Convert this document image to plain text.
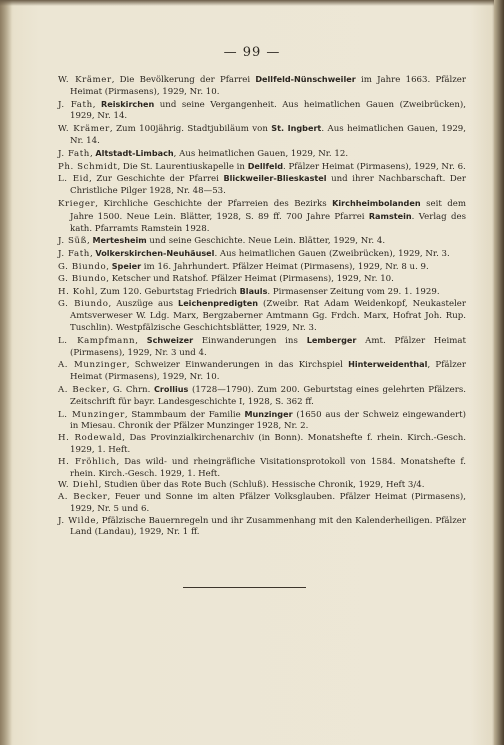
— 99 —

W. Krämer, Die Bevölkerung der Pfarrei Dellfeld-Nünschweiler im Jahre 1663. Pfälzer Heimat (Pirmasens), 1929, Nr. 10.

J. Fath, Reiskirchen und seine Vergangenheit. Aus heimatlichen Gauen (Zweibrücken), 1929, Nr. 14.

W. Krämer, Zum 100jährig. Stadtjubiläum von St. Ingbert. Aus heimatlichen Gauen, 1929, Nr. 14.

J. Fath, Altstadt-Limbach, Aus heimatlichen Gauen, 1929, Nr. 12.

Ph. Schmidt, Die St. Laurentiuskapelle in Dellfeld. Pfälzer Heimat (Pirmasens), 1929, Nr. 6.

L. Eid, Zur Geschichte der Pfarrei Blickweiler-Blieskastel und ihrer Nachbarschaft. Der Christliche Pilger 1928, Nr. 48—53.

Krieger, Kirchliche Geschichte der Pfarreien des Bezirks Kirchheimbolanden seit dem Jahre 1500. Neue Lein. Blätter, 1928, S. 89 ff. 700 Jahre Pfarrei Ramstein. Verlag des kath. Pfarramts Ramstein 1928.

J. Süß, Mertesheim und seine Geschichte. Neue Lein. Blätter, 1929, Nr. 4.

J. Fath, Volkerskirchen-Neuhäusel. Aus heimatlichen Gauen (Zweibrücken), 1929, Nr. 3.

G. Biundo, Speier im 16. Jahrhundert. Pfälzer Heimat (Pirmasens), 1929, Nr. 8 u. 9.

G. Biundo, Ketscher und Ratshof. Pfälzer Heimat (Pirmasens), 1929, Nr. 10.

H. Kohl, Zum 120. Geburtstag Friedrich Blauls. Pirmasenser Zeitung vom 29. 1. 1929.

G. Biundo, Auszüge aus Leichenpredigten (Zweibr. Rat Adam Weidenkopf, Neukasteler Amtsverweser W. Ldg. Marx, Bergzaberner Amtmann Gg. Frdch. Marx, Hofrat Joh. Rup. Tuschlin). Westpfälzische Geschichtsblätter, 1929, Nr. 3.

L. Kampfmann, Schweizer Einwanderungen ins Lemberger Amt. Pfälzer Heimat (Pirmasens), 1929, Nr. 3 und 4.

A. Munzinger, Schweizer Einwanderungen in das Kirchspiel Hinterweidenthal, Pfälzer Heimat (Pirmasens), 1929, Nr. 10.

A. Becker, G. Chrn. Crollius (1728—1790). Zum 200. Geburtstag eines gelehrten Pfälzers. Zeitschrift für bayr. Landesgeschichte I, 1928, S. 362 ff.

L. Munzinger, Stammbaum der Familie Munzinger (1650 aus der Schweiz eingewandert) in Miesau. Chronik der Pfälzer Munzinger 1928, Nr. 2.

H. Rodewald, Das Provinzialkirchenarchiv (in Bonn). Monatshefte f. rhein. Kirch.-Gesch. 1929, 1. Heft.

H. Fröhlich, Das wild- und rheingräfliche Visitationsprotokoll von 1584. Monatshefte f. rhein. Kirch.-Gesch. 1929, 1. Heft.

W. Diehl, Studien über das Rote Buch (Schluß). Hessische Chronik, 1929, Heft 3/4.

A. Becker, Feuer und Sonne im alten Pfälzer Volksglauben. Pfälzer Heimat (Pirmasens), 1929, Nr. 5 und 6.

J. Wilde, Pfälzische Bauernregeln und ihr Zusammenhang mit den Kalenderheiligen. Pfälzer Land (Landau), 1929, Nr. 1 ff.
